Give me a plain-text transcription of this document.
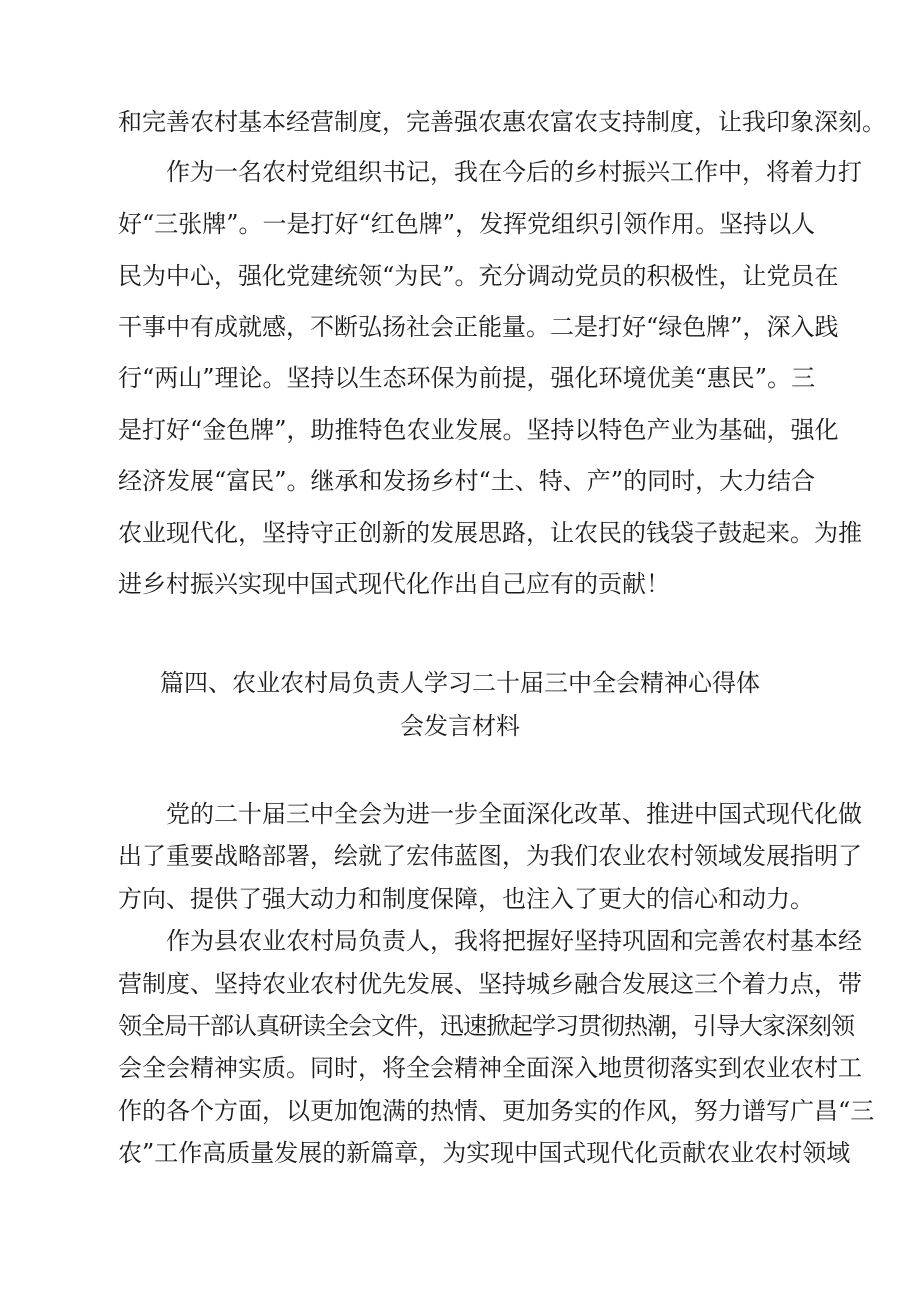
和完善农村基本经营制度，完善强农惠农富农支持制度，让我印象深刻。
作为一名农村党组织书记，我在今后的乡村振兴工作中，将着力打
好“三张牌”。一是打好“红色牌”，发挥党组织引领作用。坚持以人
民为中心，强化党建统领“为民”。充分调动党员的积极性，让党员在
干事中有成就感，不断弘扬社会正能量。二是打好“绿色牌”，深入践
行“两山”理论。坚持以生态环保为前提，强化环境优美“惠民”。三
是打好“金色牌”，助推特色农业发展。坚持以特色产业为基础，强化
经济发展“富民”。继承和发扬乡村“土、特、产”的同时，大力结合
农业现代化，坚持守正创新的发展思路，让农民的钱袋子鼓起来。为推
进乡村振兴实现中国式现代化作出自己应有的贡献！
篇四、农业农村局负责人学习二十届三中全会精神心得体
会发言材料
党的二十届三中全会为进一步全面深化改革、推进中国式现代化做
出了重要战略部署，绘就了宏伟蓝图，为我们农业农村领域发展指明了
方向、提供了强大动力和制度保障，也注入了更大的信心和动力。
作为县农业农村局负责人，我将把握好坚持巩固和完善农村基本经
营制度、坚持农业农村优先发展、坚持城乡融合发展这三个着力点，带
领全局干部认真研读全会文件，迅速掀起学习贯彻热潮，引导大家深刻领
会全会精神实质。同时，将全会精神全面深入地贯彻落实到农业农村工
作的各个方面，以更加饱满的热情、更加务实的作风，努力谱写广昌“三
农”工作高质量发展的新篇章，为实现中国式现代化贡献农业农村领域
